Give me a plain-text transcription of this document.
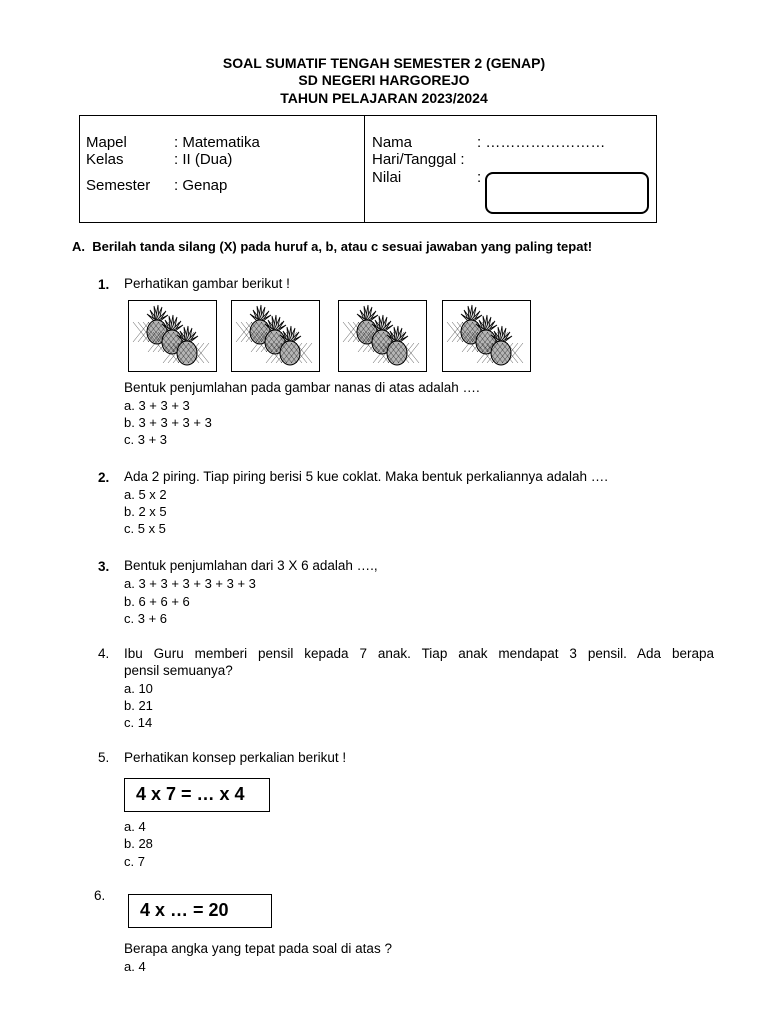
SOAL SUMATIF TENGAH SEMESTER 2 (GENAP)
SD NEGERI HARGOREJO
TAHUN PELAJARAN 2023/2024
Mapel	: Matematika
Kelas	: II (Dua)
Semester : Genap
Nama	: ……………………
Hari/Tanggal :
Nilai	:
A. Berilah tanda silang (X) pada huruf a, b, atau c sesuai jawaban yang paling tepat!
1. Perhatikan gambar berikut !
Bentuk penjumlahan pada gambar nanas di atas adalah ….
a. 3 + 3 + 3
b. 3 + 3 + 3 + 3
c. 3 + 3
2. Ada 2 piring. Tiap piring berisi 5 kue coklat. Maka bentuk perkaliannya adalah ….
a. 5 x 2
b. 2 x 5
c. 5 x 5
3. Bentuk penjumlahan dari 3 X 6 adalah ….,
a. 3 + 3 + 3 + 3 + 3 + 3
b. 6 + 6 + 6
c. 3 + 6
4. Ibu Guru memberi pensil kepada 7 anak. Tiap anak mendapat 3 pensil. Ada berapa
pensil semuanya?
a. 10
b. 21
c. 14
5. Perhatikan konsep perkalian berikut !
4 x 7 = … x 4
a. 4
b. 28
c. 7
6.
4 x … = 20
Berapa angka yang tepat pada soal di atas ?
a. 4
